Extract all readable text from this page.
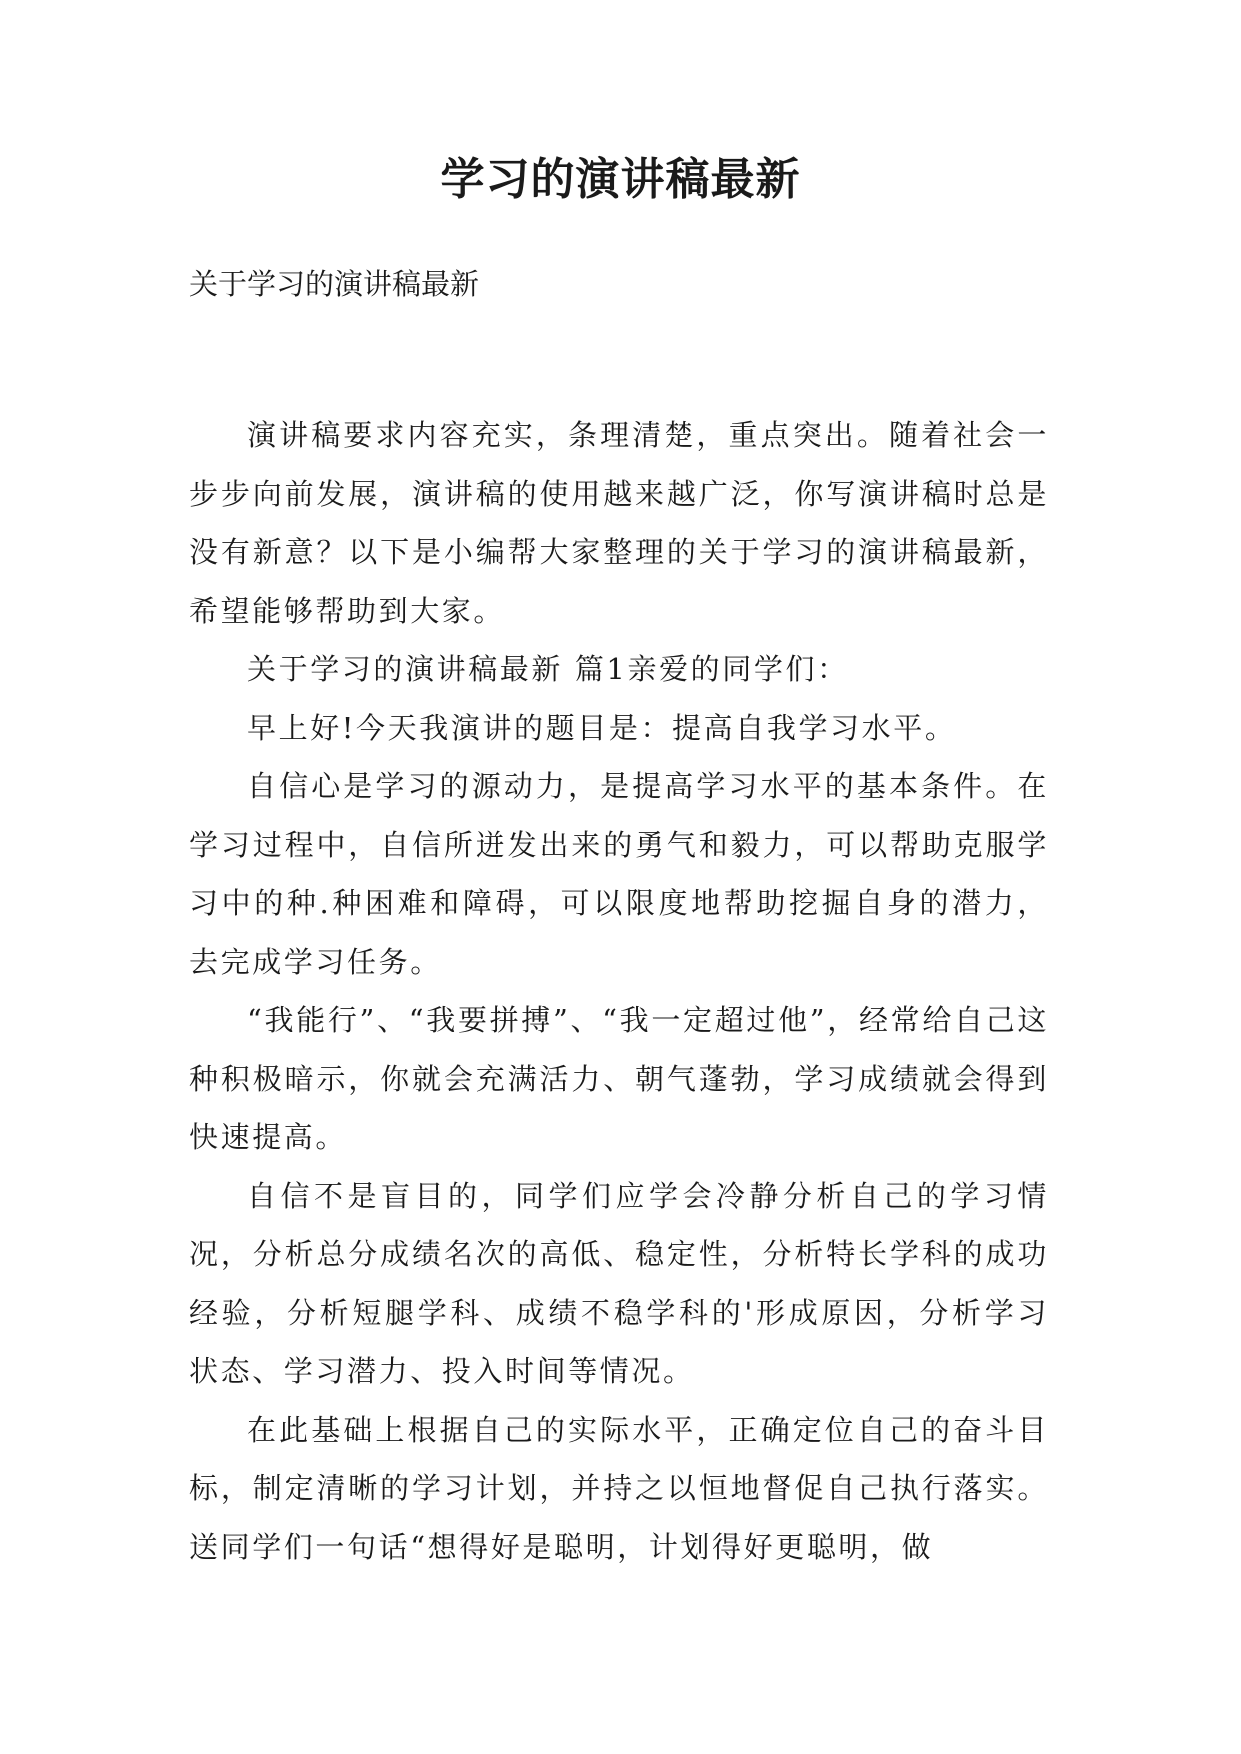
学习的演讲稿最新
关于学习的演讲稿最新

演讲稿要求内容充实，条理清楚，重点突出。随着社会一步步向前发展，演讲稿的使用越来越广泛，你写演讲稿时总是没有新意？以下是小编帮大家整理的关于学习的演讲稿最新，希望能够帮助到大家。

关于学习的演讲稿最新 篇1亲爱的同学们：

早上好!今天我演讲的题目是：提高自我学习水平。

自信心是学习的源动力，是提高学习水平的基本条件。在学习过程中，自信所迸发出来的勇气和毅力，可以帮助克服学习中的种.种困难和障碍，可以限度地帮助挖掘自身的潜力，去完成学习任务。

“我能行”、“我要拼搏”、“我一定超过他”，经常给自己这种积极暗示，你就会充满活力、朝气蓬勃，学习成绩就会得到快速提高。

自信不是盲目的，同学们应学会冷静分析自己的学习情况，分析总分成绩名次的高低、稳定性，分析特长学科的成功经验，分析短腿学科、成绩不稳学科的'形成原因，分析学习状态、学习潜力、投入时间等情况。

在此基础上根据自己的实际水平，正确定位自己的奋斗目标，制定清晰的学习计划，并持之以恒地督促自己执行落实。送同学们一句话“想得好是聪明，计划得好更聪明，做
